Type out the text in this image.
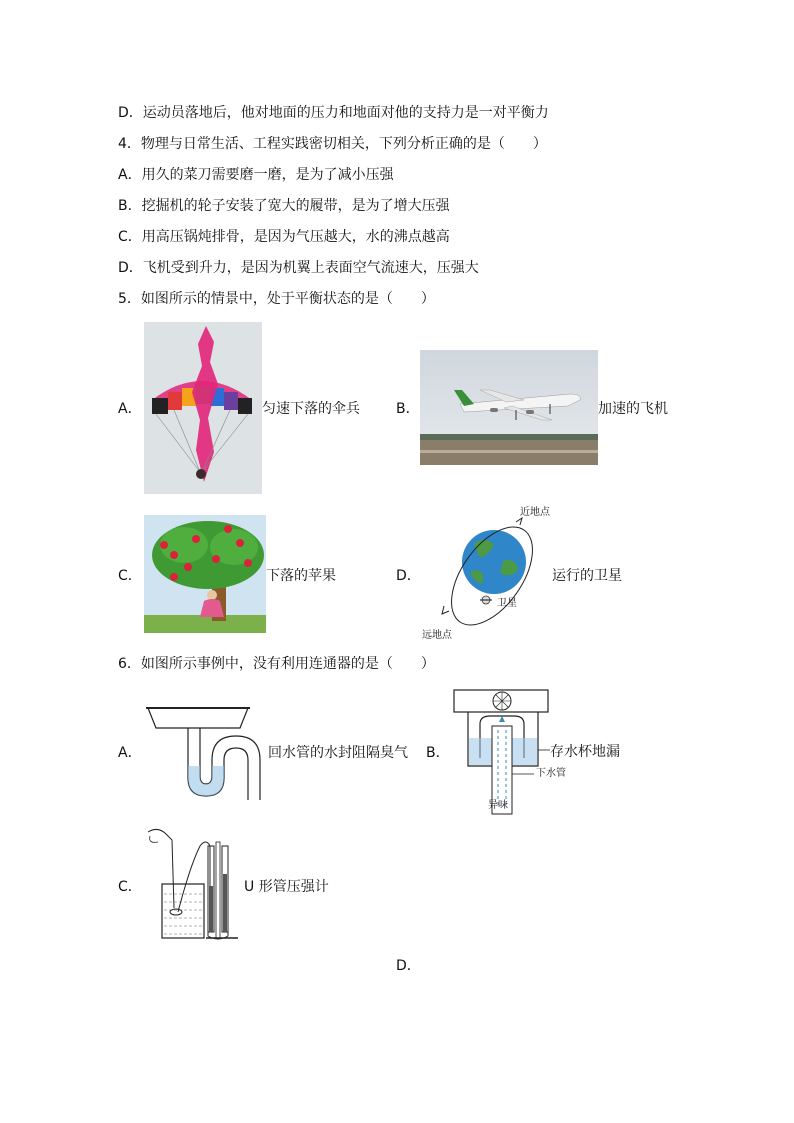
D．运动员落地后，他对地面的压力和地面对他的支持力是一对平衡力
4．物理与日常生活、工程实践密切相关，下列分析正确的是（　　）
A．用久的菜刀需要磨一磨，是为了减小压强
B．挖掘机的轮子安装了宽大的履带，是为了增大压强
C．用高压锅炖排骨，是因为气压越大，水的沸点越高
D．飞机受到升力，是因为机翼上表面空气流速大，压强大
5．如图所示的情景中，处于平衡状态的是（　　）
A．	匀速下落的伞兵	B．	加速的飞机
C．	下落的苹果	D．
近地点
卫星
远地点
运行的卫星
6．如图所示事例中，没有利用连通器的是（　　）
A．	回水管的水封阻隔臭气 B．	存水杯地漏
下水管
异味
C．	U 形管压强计
D．
